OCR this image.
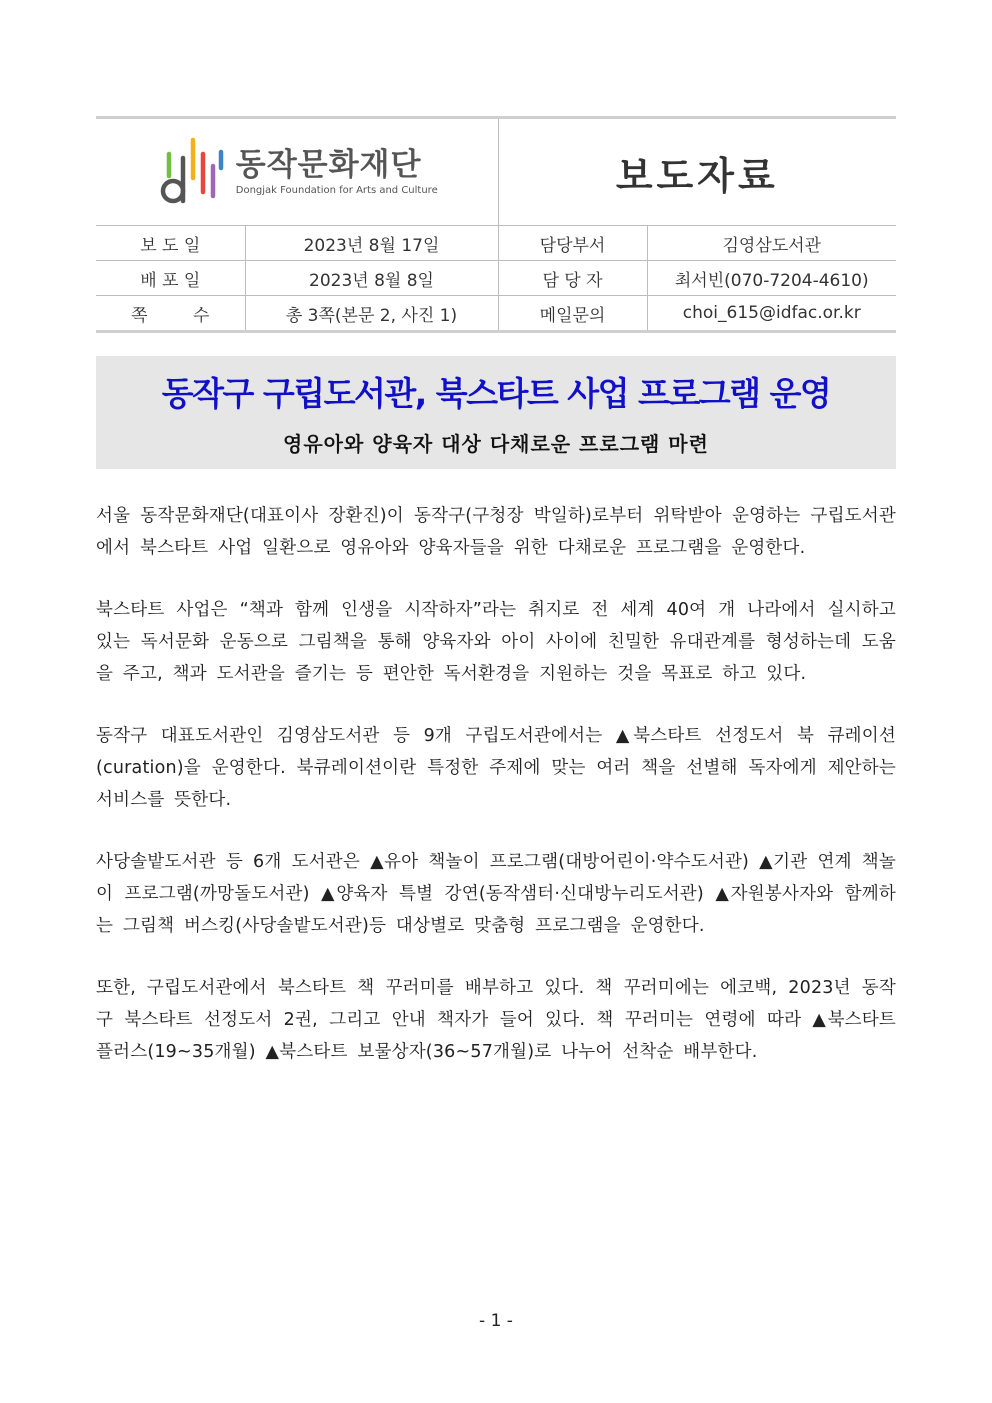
동작문화재단
Dongjak Foundation for Arts and Culture		보도자료	
보 도 일	2023년 8월 17일	담당부서	김영삼도서관
배 포 일	2023년 8월 8일	담 당 자	최서빈(070-7204-4610)
쪽 수	총 3쪽(본문 2, 사진 1)	메일문의	choi_615@idfac.or.kr
동작구 구립도서관, 북스타트 사업 프로그램 운영
영유아와 양육자 대상 다채로운 프로그램 마련

서울 동작문화재단(대표이사 장환진)이 동작구(구청장 박일하)로부터 위탁받아 운영하는 구립도서관에서 북스타트 사업 일환으로 영유아와 양육자들을 위한 다채로운 프로그램을 운영한다.

북스타트 사업은 “책과 함께 인생을 시작하자”라는 취지로 전 세계 40여 개 나라에서 실시하고 있는 독서문화 운동으로 그림책을 통해 양육자와 아이 사이에 친밀한 유대관계를 형성하는데 도움을 주고, 책과 도서관을 즐기는 등 편안한 독서환경을 지원하는 것을 목표로 하고 있다.

동작구 대표도서관인 김영삼도서관 등 9개 구립도서관에서는 ▲북스타트 선정도서 북 큐레이션(curation)을 운영한다. 북큐레이션이란 특정한 주제에 맞는 여러 책을 선별해 독자에게 제안하는 서비스를 뜻한다.

사당솔밭도서관 등 6개 도서관은 ▲유아 책놀이 프로그램(대방어린이·약수도서관) ▲기관 연계 책놀이 프로그램(까망돌도서관) ▲양육자 특별 강연(동작샘터·신대방누리도서관) ▲자원봉사자와 함께하는 그림책 버스킹(사당솔밭도서관)등 대상별로 맞춤형 프로그램을 운영한다.

또한, 구립도서관에서 북스타트 책 꾸러미를 배부하고 있다. 책 꾸러미에는 에코백, 2023년 동작구 북스타트 선정도서 2권, 그리고 안내 책자가 들어 있다. 책 꾸러미는 연령에 따라 ▲북스타트 플러스(19~35개월) ▲북스타트 보물상자(36~57개월)로 나누어 선착순 배부한다.

- 1 -
